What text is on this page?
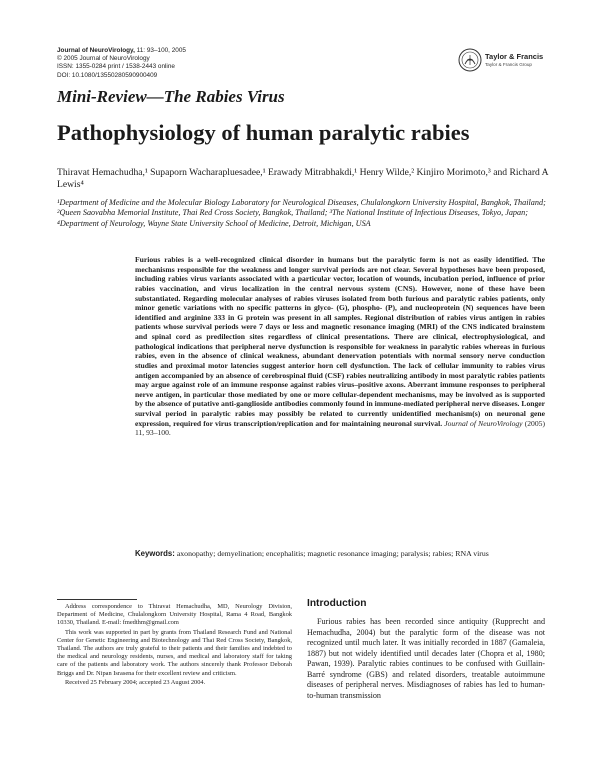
Journal of NeuroVirology, 11: 93–100, 2005
© 2005 Journal of NeuroVirology
ISSN: 1355-0284 print / 1538-2443 online
DOI: 10.1080/13550280590900409
Taylor & Francis
Taylor & Francis Group
Mini-Review—The Rabies Virus
Pathophysiology of human paralytic rabies
Thiravat Hemachudha,¹ Supaporn Wacharapluesadee,¹ Erawady Mitrabhakdi,¹ Henry Wilde,² Kinjiro Morimoto,³ and Richard A Lewis⁴
¹Department of Medicine and the Molecular Biology Laboratory for Neurological Diseases, Chulalongkorn University Hospital, Bangkok, Thailand; ²Queen Saovabha Memorial Institute, Thai Red Cross Society, Bangkok, Thailand; ³The National Institute of Infectious Diseases, Tokyo, Japan; ⁴Department of Neurology, Wayne State University School of Medicine, Detroit, Michigan, USA
Furious rabies is a well-recognized clinical disorder in humans but the paralytic form is not as easily identified. The mechanisms responsible for the weakness and longer survival periods are not clear. Several hypotheses have been proposed, including rabies virus variants associated with a particular vector, location of wounds, incubation period, influence of prior rabies vaccination, and virus localization in the central nervous system (CNS). However, none of these have been substantiated. Regarding molecular analyses of rabies viruses isolated from both furious and paralytic rabies patients, only minor genetic variations with no specific patterns in glyco- (G), phospho- (P), and nucleoprotein (N) sequences have been identified and arginine 333 in G protein was present in all samples. Regional distribution of rabies virus antigen in rabies patients whose survival periods were 7 days or less and magnetic resonance imaging (MRI) of the CNS indicated brainstem and spinal cord as predilection sites regardless of clinical presentations. There are clinical, electrophysiological, and pathological indications that peripheral nerve dysfunction is responsible for weakness in paralytic rabies whereas in furious rabies, even in the absence of clinical weakness, abundant denervation potentials with normal sensory nerve conduction studies and proximal motor latencies suggest anterior horn cell dysfunction. The lack of cellular immunity to rabies virus antigen accompanied by an absence of cerebrospinal fluid (CSF) rabies neutralizing antibody in most paralytic rabies patients may argue against role of an immune response against rabies virus–positive axons. Aberrant immune responses to peripheral nerve antigen, in particular those mediated by one or more cellular-dependent mechanisms, may be involved as is supported by the absence of putative anti-ganglioside antibodies commonly found in immune-mediated peripheral nerve diseases. Longer survival period in paralytic rabies may possibly be related to currently unidentified mechanism(s) on neuronal gene expression, required for virus transcription/replication and for maintaining neuronal survival. Journal of NeuroVirology (2005) 11, 93–100.
Keywords: axonopathy; demyelination; encephalitis; magnetic resonance imaging; paralysis; rabies; RNA virus

Address correspondence to Thiravat Hemachudha, MD, Neurology Division, Department of Medicine, Chulalongkorn University Hospital, Rama 4 Road, Bangkok 10330, Thailand. E-mail: fmedthm@gmail.com

This work was supported in part by grants from Thailand Research Fund and National Center for Genetic Engineering and Biotechnology and Thai Red Cross Society, Bangkok, Thailand. The authors are truly grateful to their patients and their families and indebted to the medical and neurology residents, nurses, and medical and laboratory staff for taking care of the patients and laboratory work. The authors sincerely thank Professor Deborah Briggs and Dr. Nipan Israsena for their excellent review and criticism.

Received 25 February 2004; accepted 23 August 2004.

Introduction

Furious rabies has been recorded since antiquity (Rupprecht and Hemachudha, 2004) but the paralytic form of the disease was not recognized until much later. It was initially recorded in 1887 (Gamaleia, 1887) but not widely identified until decades later (Chopra et al, 1980; Pawan, 1939). Paralytic rabies continues to be confused with Guillain-Barré syndrome (GBS) and related disorders, treatable autoimmune diseases of peripheral nerves. Misdiagnoses of rabies has led to human-to-human transmission
